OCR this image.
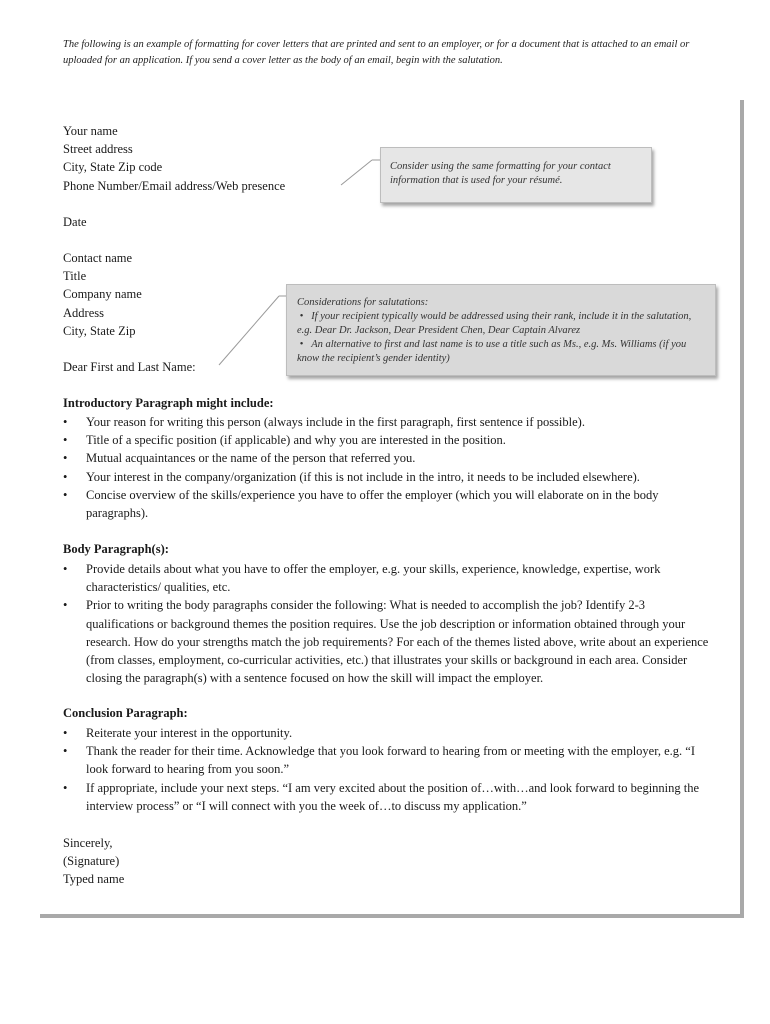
The following is an example of formatting for cover letters that are printed and sent to an employer, or for a document that is attached to an email or uploaded for an application. If you send a cover letter as the body of an email, begin with the salutation.
Your name
Street address
City, State Zip code
Phone Number/Email address/Web presence
Date
Contact name
Title
Company name
Address
City, State Zip
Dear First and Last Name:
Consider using the same formatting for your contact information that is used for your résumé.
Considerations for salutations:
• If your recipient typically would be addressed using their rank, include it in the salutation, e.g. Dear Dr. Jackson, Dear President Chen, Dear Captain Alvarez
• An alternative to first and last name is to use a title such as Ms., e.g. Ms. Williams (if you know the recipient’s gender identity)
Introductory Paragraph might include:
• Your reason for writing this person (always include in the first paragraph, first sentence if possible).
• Title of a specific position (if applicable) and why you are interested in the position.
• Mutual acquaintances or the name of the person that referred you.
• Your interest in the company/organization (if this is not include in the intro, it needs to be included elsewhere).
• Concise overview of the skills/experience you have to offer the employer (which you will elaborate on in the body paragraphs).
Body Paragraph(s):
• Provide details about what you have to offer the employer, e.g. your skills, experience, knowledge, expertise, work characteristics/ qualities, etc.
• Prior to writing the body paragraphs consider the following: What is needed to accomplish the job? Identify 2-3 qualifications or background themes the position requires. Use the job description or information obtained through your research. How do your strengths match the job requirements? For each of the themes listed above, write about an experience (from classes, employment, co-curricular activities, etc.) that illustrates your skills or background in each area. Consider closing the paragraph(s) with a sentence focused on how the skill will impact the employer.
Conclusion Paragraph:
• Reiterate your interest in the opportunity.
• Thank the reader for their time. Acknowledge that you look forward to hearing from or meeting with the employer, e.g. “I look forward to hearing from you soon.”
• If appropriate, include your next steps. “I am very excited about the position of…with…and look forward to beginning the interview process” or “I will connect with you the week of…to discuss my application.”
Sincerely,
(Signature)
Typed name
